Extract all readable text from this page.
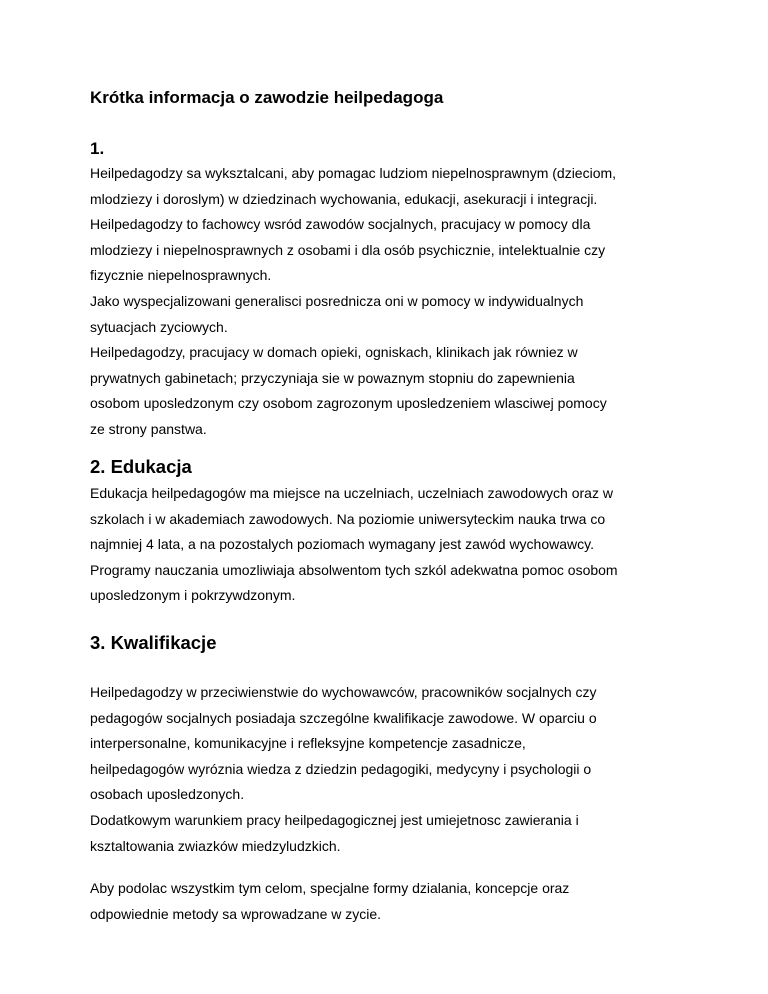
Krótka informacja o zawodzie heilpedagoga
1.
Heilpedagodzy sa wyksztalcani, aby pomagac ludziom niepelnosprawnym (dzieciom,
mlodziezy i doroslym) w dziedzinach wychowania, edukacji, asekuracji i integracji.
Heilpedagodzy to fachowcy wsród zawodów socjalnych, pracujacy w pomocy dla
mlodziezy i niepelnosprawnych z osobami i dla osób psychicznie, intelektualnie czy
fizycznie niepelnosprawnych.
Jako wyspecjalizowani generalisci posrednicza oni w pomocy w indywidualnych
sytuacjach zyciowych.
Heilpedagodzy, pracujacy w domach opieki, ogniskach, klinikach jak równiez w
prywatnych gabinetach; przyczyniaja sie w powaznym stopniu do zapewnienia
osobom uposledzonym czy osobom zagrozonym uposledzeniem wlasciwej pomocy
ze strony panstwa.
2. Edukacja
Edukacja heilpedagogów ma miejsce na uczelniach, uczelniach zawodowych oraz w
szkolach i w akademiach zawodowych. Na poziomie uniwersyteckim nauka trwa co
najmniej 4 lata, a na pozostalych poziomach wymagany jest zawód wychowawcy.
Programy nauczania umozliwiaja absolwentom tych szkól adekwatna pomoc osobom
uposledzonym i pokrzywdzonym.
3. Kwalifikacje
Heilpedagodzy w przeciwienstwie do wychowawców, pracowników socjalnych czy
pedagogów socjalnych posiadaja szczególne kwalifikacje zawodowe. W oparciu o
interpersonalne, komunikacyjne i refleksyjne kompetencje zasadnicze,
heilpedagogów wyróznia wiedza z dziedzin pedagogiki, medycyny i psychologii o
osobach uposledzonych.
Dodatkowym warunkiem pracy heilpedagogicznej jest umiejetnosc zawierania i
ksztaltowania zwiazków miedzyludzkich.
Aby podolac wszystkim tym celom, specjalne formy dzialania, koncepcje oraz
odpowiednie metody sa wprowadzane w zycie.
